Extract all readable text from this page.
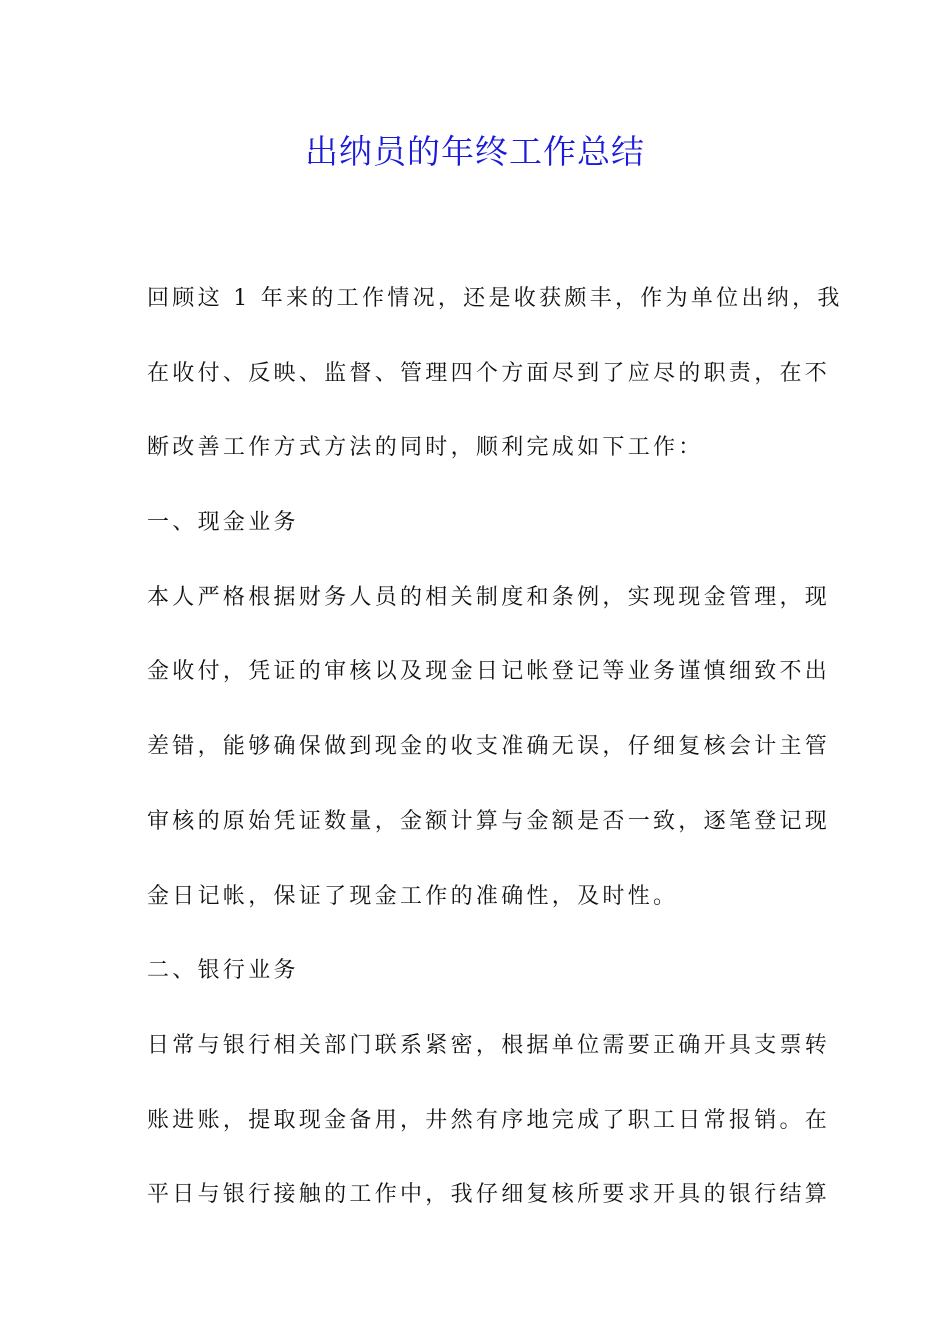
出纳员的年终工作总结
回顾这 1 年来的工作情况，还是收获颇丰，作为单位出纳，我
在收付、反映、监督、管理四个方面尽到了应尽的职责，在不
断改善工作方式方法的同时，顺利完成如下工作：
一、现金业务
本人严格根据财务人员的相关制度和条例，实现现金管理，现
金收付，凭证的审核以及现金日记帐登记等业务谨慎细致不出
差错，能够确保做到现金的收支准确无误，仔细复核会计主管
审核的原始凭证数量，金额计算与金额是否一致，逐笔登记现
金日记帐，保证了现金工作的准确性，及时性。
二、银行业务
日常与银行相关部门联系紧密，根据单位需要正确开具支票转
账进账，提取现金备用，井然有序地完成了职工日常报销。在
平日与银行接触的工作中，我仔细复核所要求开具的银行结算
